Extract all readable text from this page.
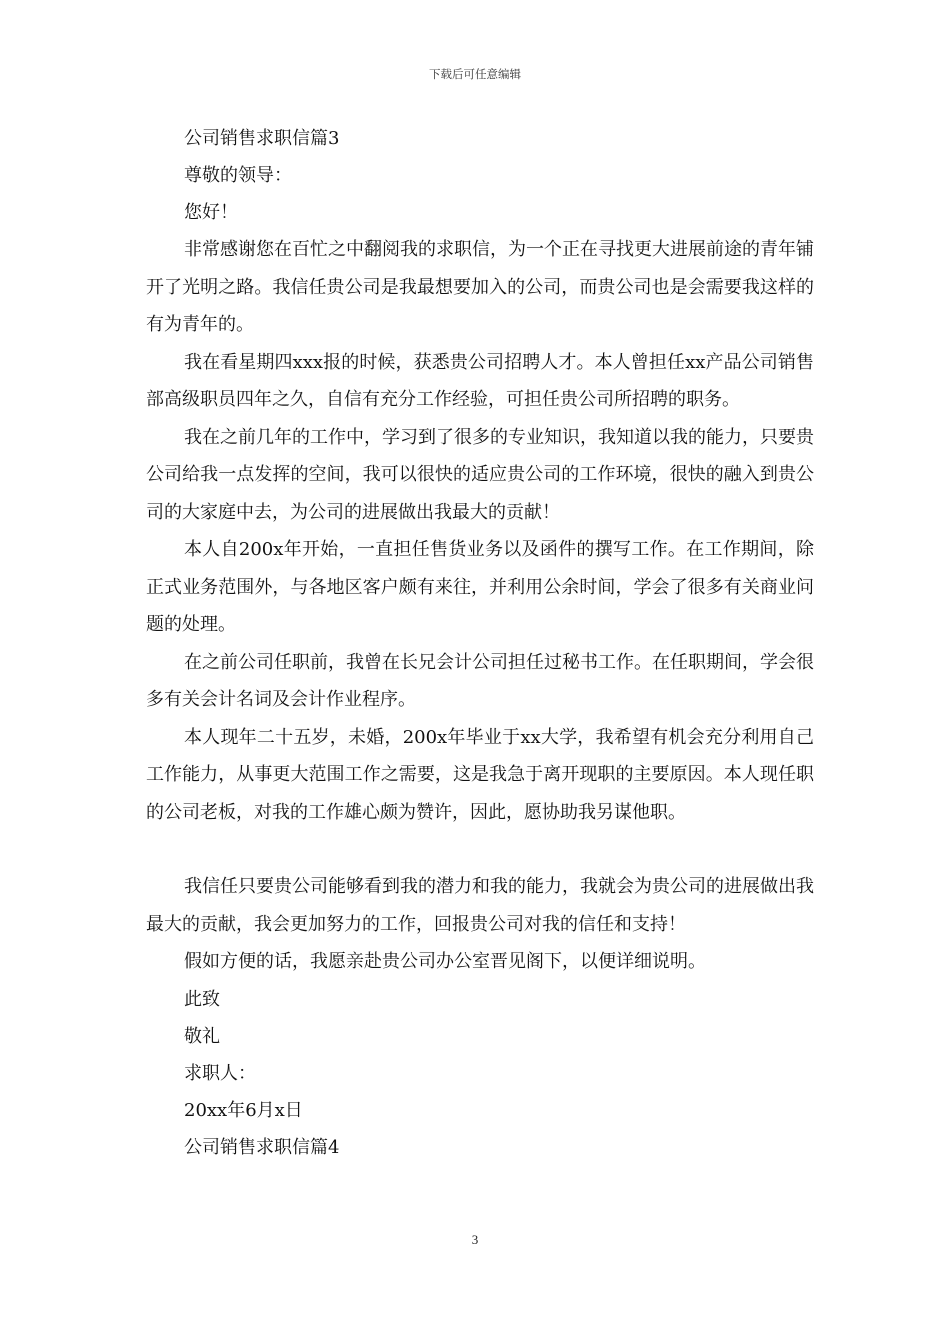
下载后可任意编辑

公司销售求职信篇3

尊敬的领导：

您好！

非常感谢您在百忙之中翻阅我的求职信，为一个正在寻找更大进展前途的青年铺开了光明之路。我信任贵公司是我最想要加入的公司，而贵公司也是会需要我这样的有为青年的。

我在看星期四xxx报的时候，获悉贵公司招聘人才。本人曾担任xx产品公司销售部高级职员四年之久，自信有充分工作经验，可担任贵公司所招聘的职务。

我在之前几年的工作中，学习到了很多的专业知识，我知道以我的能力，只要贵公司给我一点发挥的空间，我可以很快的适应贵公司的工作环境，很快的融入到贵公司的大家庭中去，为公司的进展做出我最大的贡献！

本人自200x年开始，一直担任售货业务以及函件的撰写工作。在工作期间，除正式业务范围外，与各地区客户颇有来往，并利用公余时间，学会了很多有关商业问题的处理。

在之前公司任职前，我曾在长兄会计公司担任过秘书工作。在任职期间，学会很多有关会计名词及会计作业程序。

本人现年二十五岁，未婚，200x年毕业于xx大学，我希望有机会充分利用自己工作能力，从事更大范围工作之需要，这是我急于离开现职的主要原因。本人现任职的公司老板，对我的工作雄心颇为赞许，因此，愿协助我另谋他职。

我信任只要贵公司能够看到我的潜力和我的能力，我就会为贵公司的进展做出我最大的贡献，我会更加努力的工作，回报贵公司对我的信任和支持！

假如方便的话，我愿亲赴贵公司办公室晋见阁下，以便详细说明。

此致

敬礼

求职人：

20xx年6月x日

公司销售求职信篇4

3
